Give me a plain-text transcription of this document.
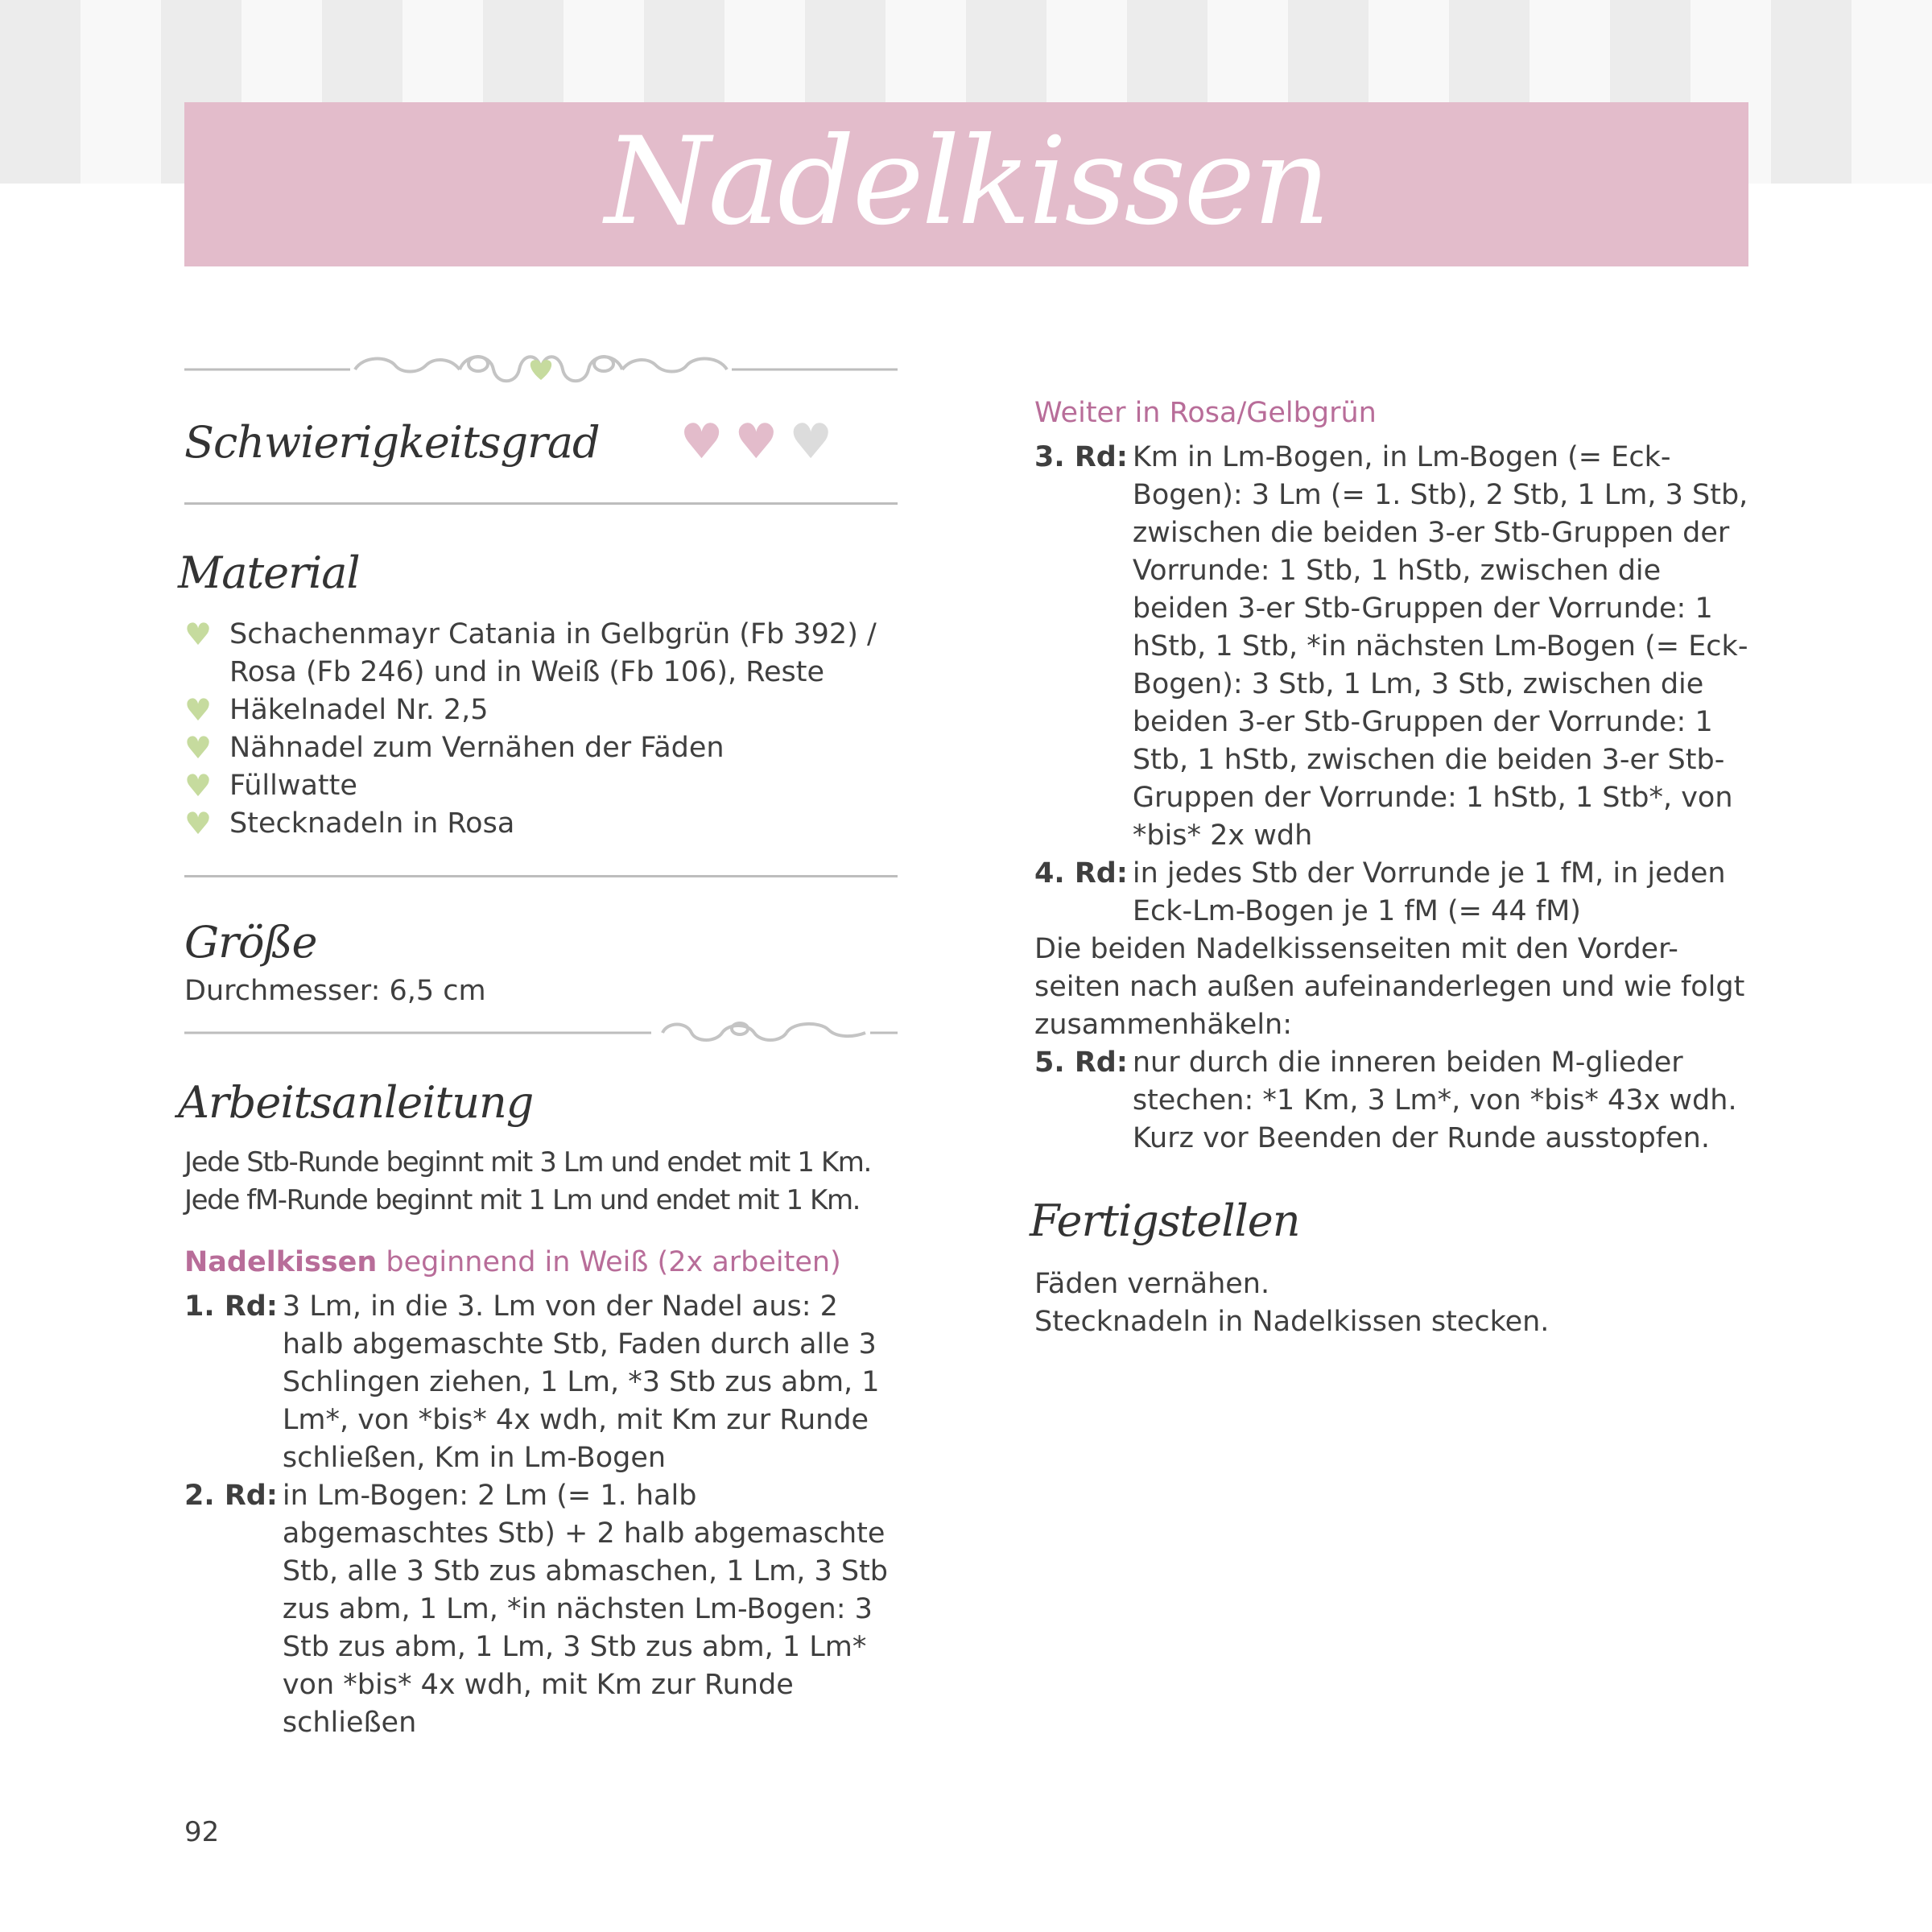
Nadelkissen
Schwierigkeitsgrad ♥ ♥ ♥
Material
♥ Schachenmayr Catania in Gelbgrün (Fb 392) / Rosa (Fb 246) und in Weiß (Fb 106), Reste
♥ Häkelnadel Nr. 2,5
♥ Nähnadel zum Vernähen der Fäden
♥ Füllwatte
♥ Stecknadeln in Rosa
Größe
Durchmesser: 6,5 cm
Arbeitsanleitung
Jede Stb-Runde beginnt mit 3 Lm und endet mit 1 Km.
Jede fM-Runde beginnt mit 1 Lm und endet mit 1 Km.
Nadelkissen beginnend in Weiß (2x arbeiten)
1. Rd: 3 Lm, in die 3. Lm von der Nadel aus: 2 halb abgemaschte Stb, Faden durch alle 3 Schlingen ziehen, 1 Lm, *3 Stb zus abm, 1 Lm*, von *bis* 4x wdh, mit Km zur Runde schließen, Km in Lm-Bogen
2. Rd: in Lm-Bogen: 2 Lm (= 1. halb abgemaschtes Stb) + 2 halb abgemaschte Stb, alle 3 Stb zus abmaschen, 1 Lm, 3 Stb zus abm, 1 Lm, *in nächsten Lm-Bogen: 3 Stb zus abm, 1 Lm, 3 Stb zus abm, 1 Lm* von *bis* 4x wdh, mit Km zur Runde schließen
Weiter in Rosa/Gelbgrün
3. Rd: Km in Lm-Bogen, in Lm-Bogen (= Eck-Bogen): 3 Lm (= 1. Stb), 2 Stb, 1 Lm, 3 Stb, zwischen die beiden 3-er Stb-Gruppen der Vorrunde: 1 Stb, 1 hStb, zwischen die beiden 3-er Stb-Gruppen der Vorrunde: 1 hStb, 1 Stb, *in nächsten Lm-Bogen (= Eck-Bogen): 3 Stb, 1 Lm, 3 Stb, zwischen die beiden 3-er Stb-Gruppen der Vorrunde: 1 Stb, 1 hStb, zwischen die beiden 3-er Stb-Gruppen der Vorrunde: 1 hStb, 1 Stb*, von *bis* 2x wdh
4. Rd: in jedes Stb der Vorrunde je 1 fM, in jeden Eck-Lm-Bogen je 1 fM (= 44 fM)
Die beiden Nadelkissenseiten mit den Vorder-seiten nach außen aufeinanderlegen und wie folgt zusammenhäkeln:
5. Rd: nur durch die inneren beiden M-glieder stechen: *1 Km, 3 Lm*, von *bis* 43x wdh. Kurz vor Beenden der Runde ausstopfen.
Fertigstellen
Fäden vernähen.
Stecknadeln in Nadelkissen stecken.
92
